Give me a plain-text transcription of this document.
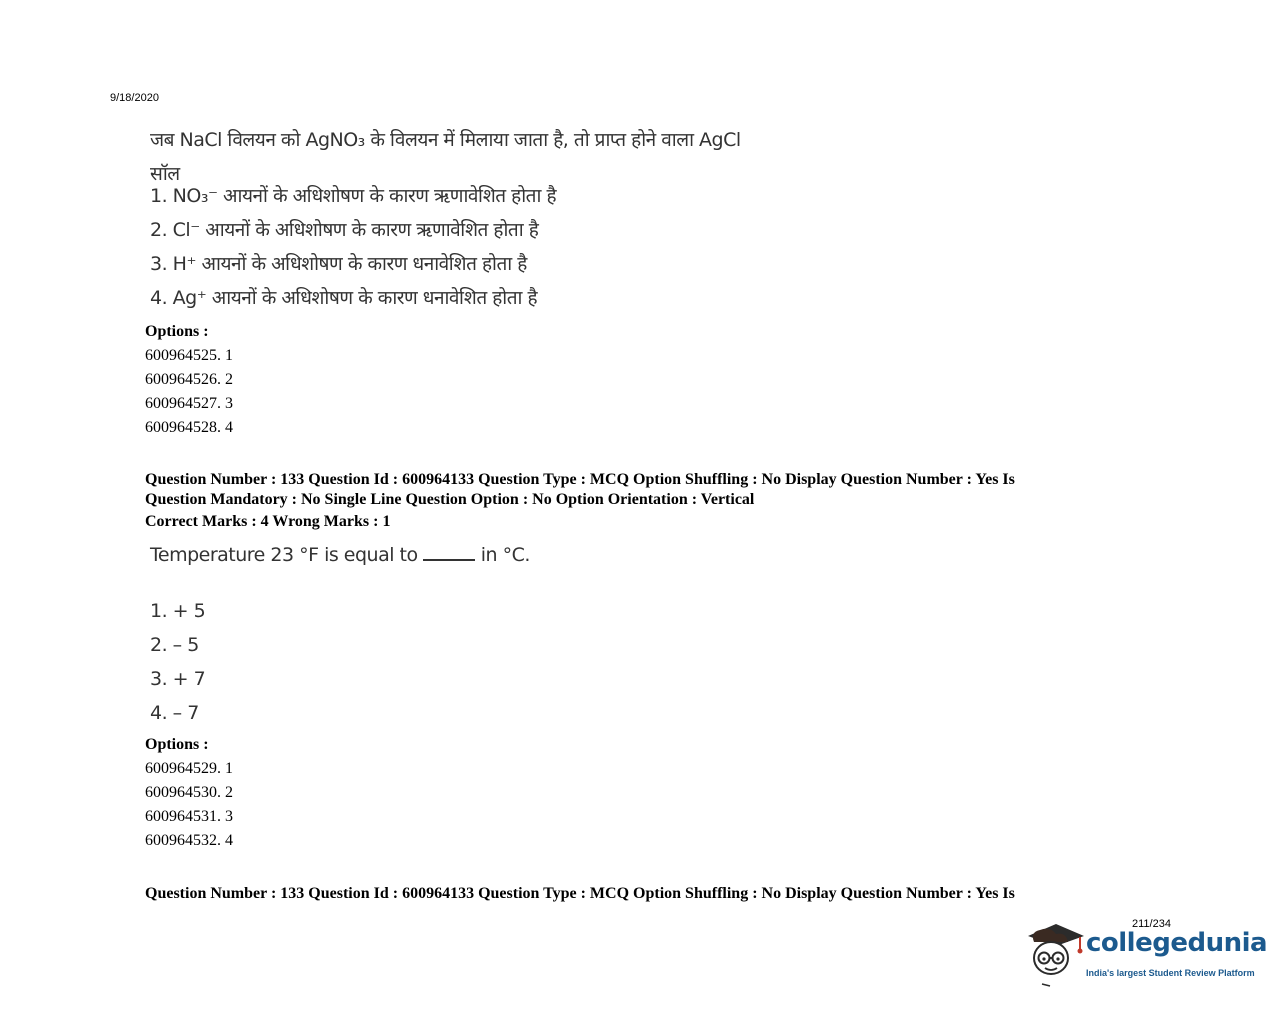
9/18/2020
जब NaCl विलयन को AgNO₃ के विलयन में मिलाया जाता है, तो प्राप्त होने वाला AgCl
सॉल
1. NO₃⁻ आयनों के अधिशोषण के कारण ऋणावेशित होता है
2. Cl⁻ आयनों के अधिशोषण के कारण ऋणावेशित होता है
3. H⁺ आयनों के अधिशोषण के कारण धनावेशित होता है
4. Ag⁺ आयनों के अधिशोषण के कारण धनावेशित होता है
Options :
600964525. 1
600964526. 2
600964527. 3
600964528. 4
Question Number : 133 Question Id : 600964133 Question Type : MCQ Option Shuffling : No Display Question Number : Yes Is
Question Mandatory : No Single Line Question Option : No Option Orientation : Vertical
Correct Marks : 4 Wrong Marks : 1
Temperature 23 °F is equal to	in °C.
1. + 5
2. – 5
3. + 7
4. – 7
Options :
600964529. 1
600964530. 2
600964531. 3
600964532. 4
Question Number : 133 Question Id : 600964133 Question Type : MCQ Option Shuffling : No Display Question Number : Yes Is
211/234
collegedunia
India's largest Student Review Platform
